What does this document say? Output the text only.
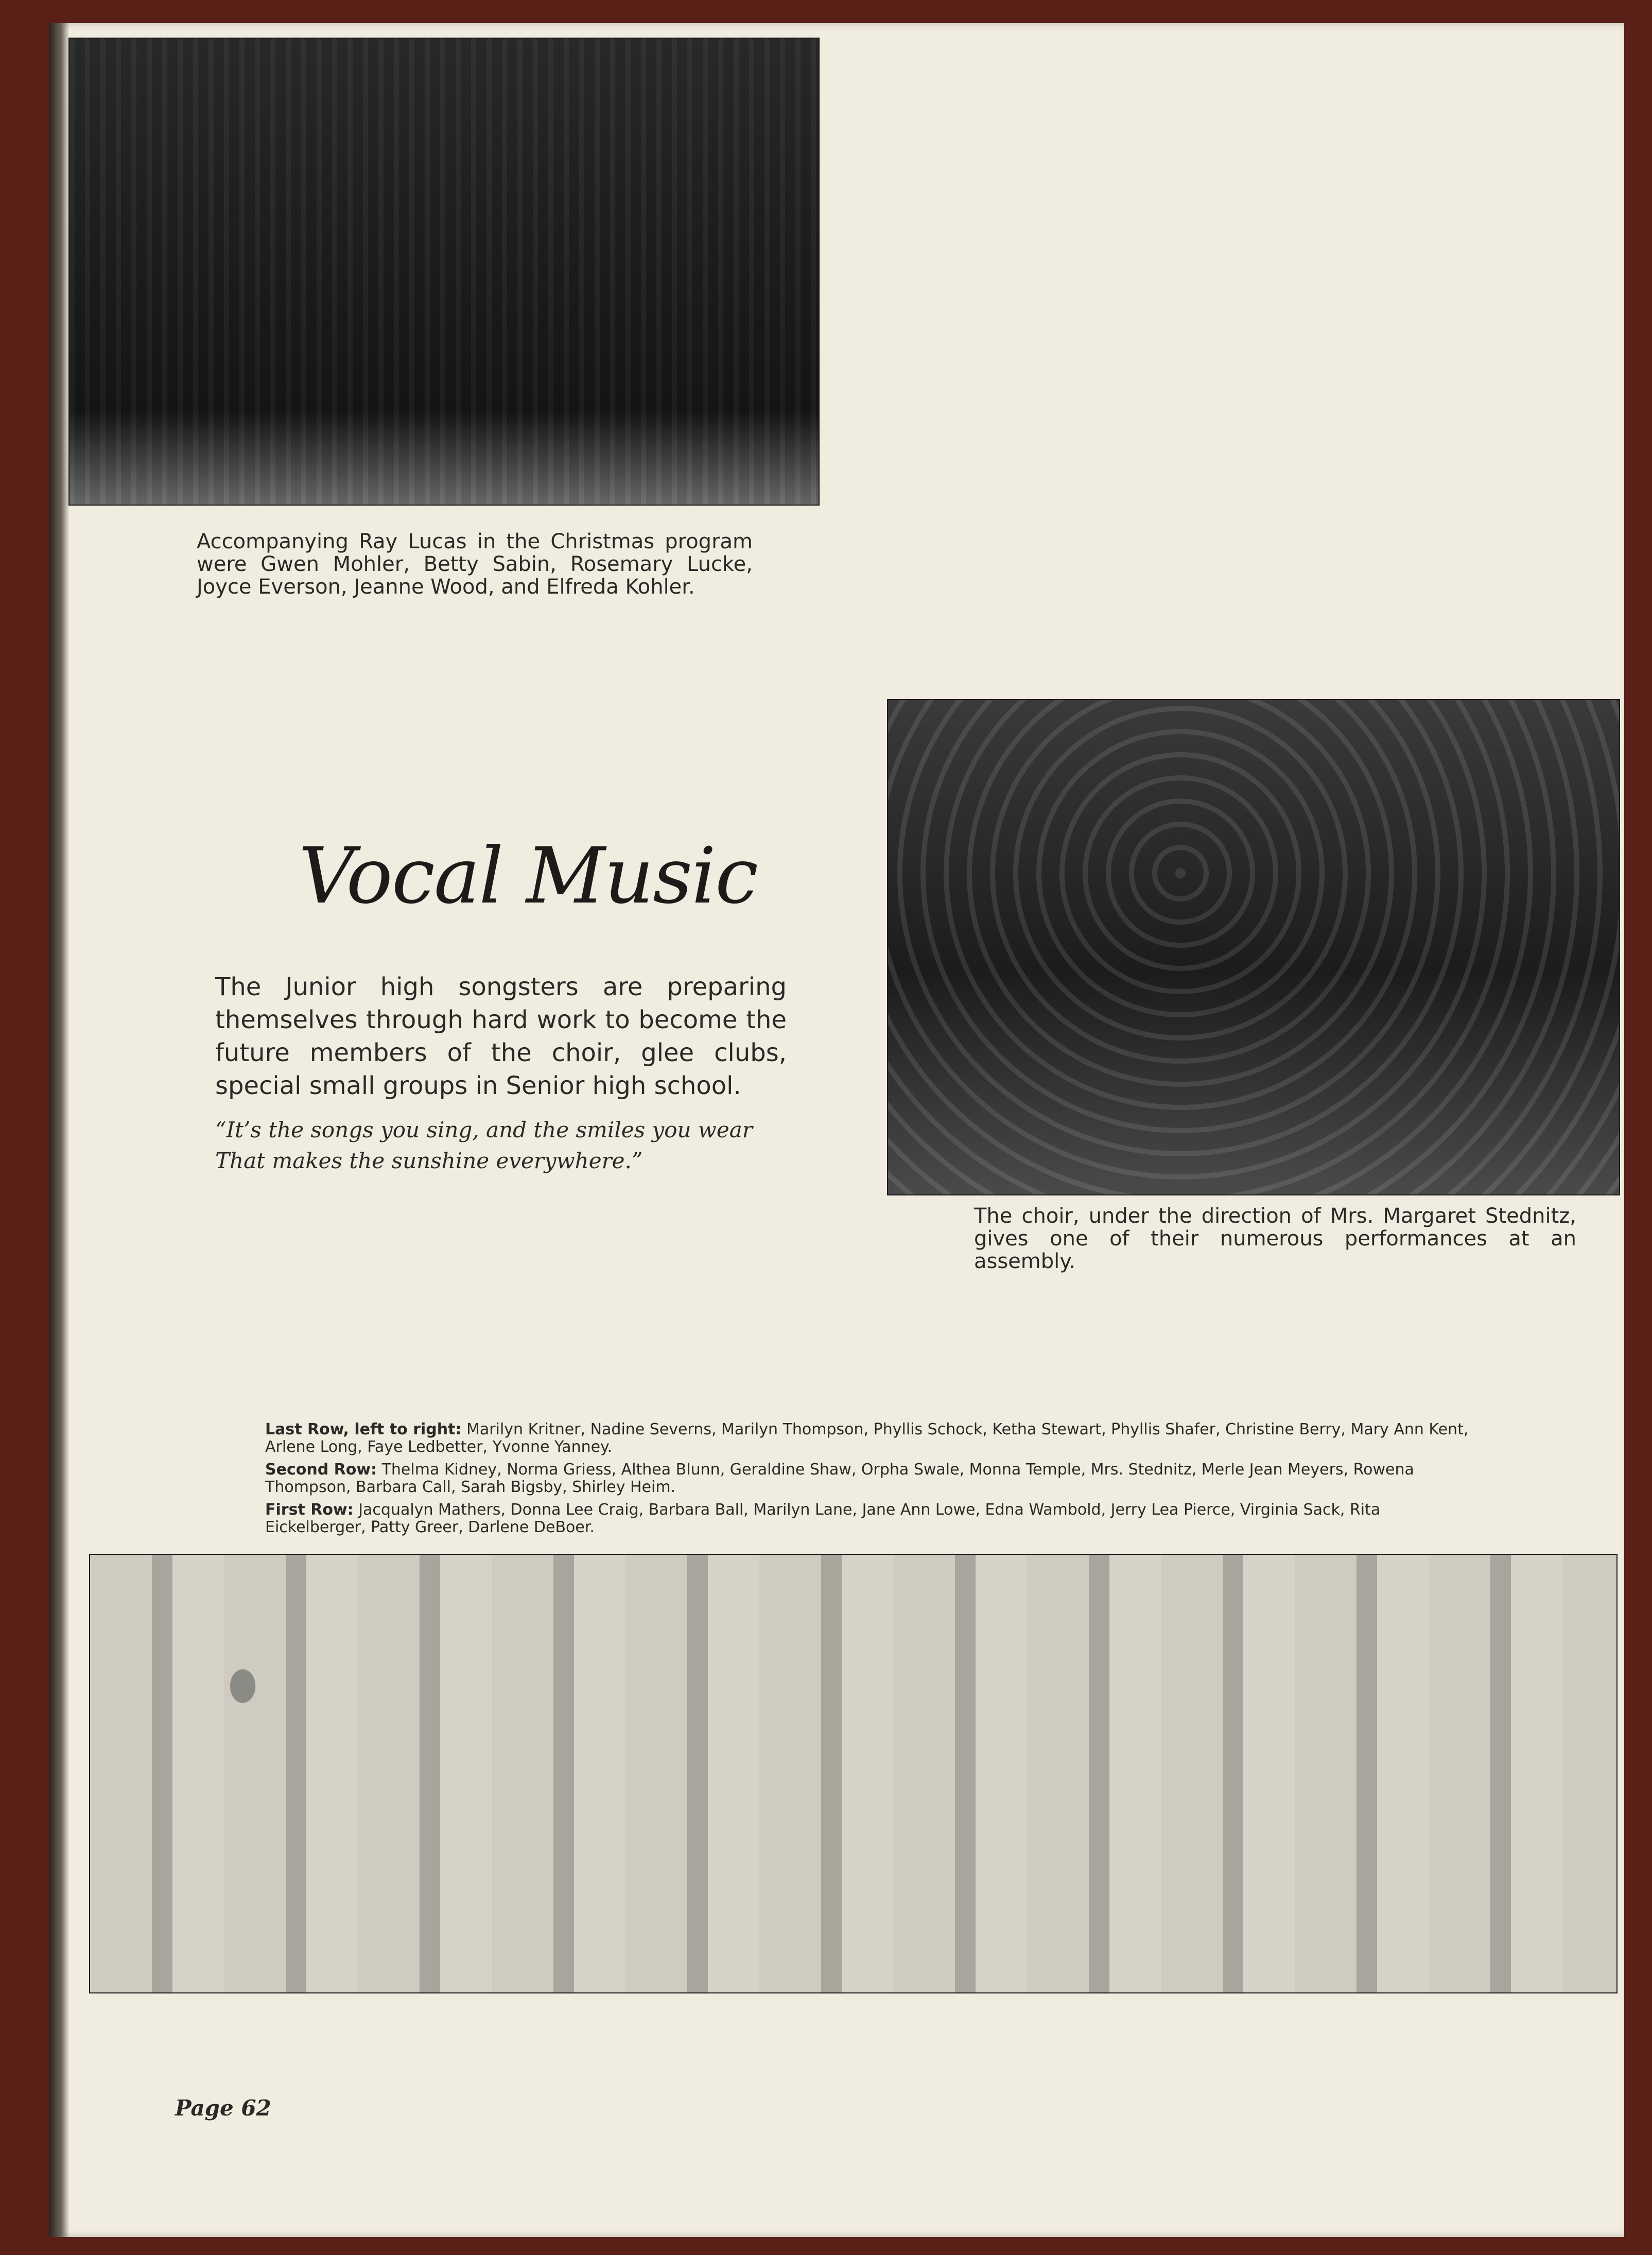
Accompanying Ray Lucas in the Christmas program were Gwen Mohler, Betty Sabin, Rosemary Lucke, Joyce Everson, Jeanne Wood, and Elfreda Kohler.
The choir, under the direction of Mrs. Margaret Stednitz, gives one of their numerous performances at an assembly.
Vocal Music
The Junior high songsters are preparing themselves through hard work to become the future members of the choir, glee clubs, special small groups in Senior high school.
“It’s the songs you sing, and the smiles you wear That makes the sunshine everywhere.”
Last Row, left to right: Marilyn Kritner, Nadine Severns, Marilyn Thompson, Phyllis Schock, Ketha Stewart, Phyllis Shafer, Christine Berry, Mary Ann Kent, Arlene Long, Faye Ledbetter, Yvonne Yanney.
Second Row: Thelma Kidney, Norma Griess, Althea Blunn, Geraldine Shaw, Orpha Swale, Monna Temple, Mrs. Stednitz, Merle Jean Meyers, Rowena Thompson, Barbara Call, Sarah Bigsby, Shirley Heim.
First Row: Jacqualyn Mathers, Donna Lee Craig, Barbara Ball, Marilyn Lane, Jane Ann Lowe, Edna Wambold, Jerry Lea Pierce, Virginia Sack, Rita Eickelberger, Patty Greer, Darlene DeBoer.
Page 62
